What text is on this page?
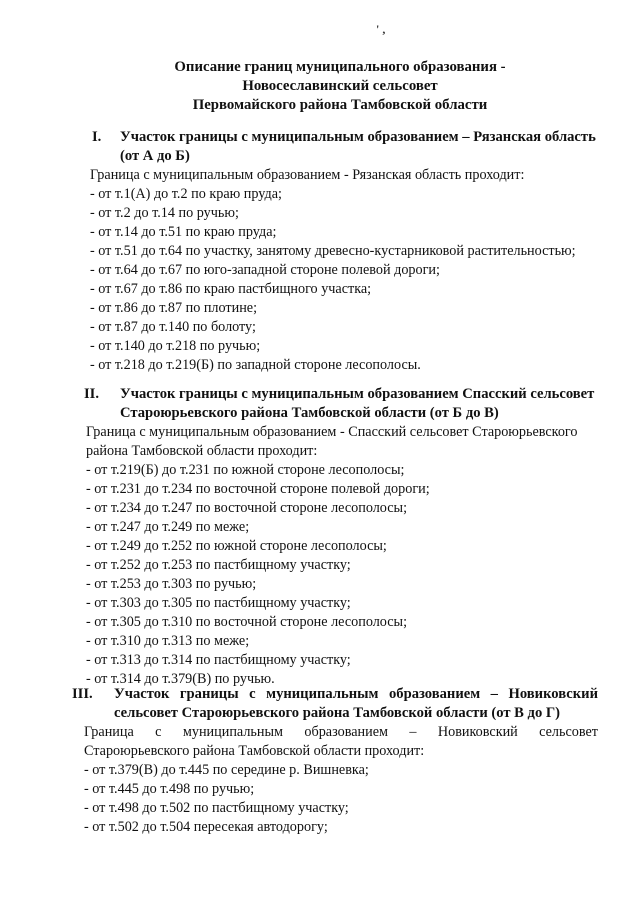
' ,
Описание границ муниципального образования -
Новосеславинский сельсовет
Первомайского района Тамбовской области
I. Участок границы с муниципальным образованием – Рязанская область (от А до Б)
Граница с муниципальным образованием - Рязанская область проходит:
- от т.1(А) до т.2 по краю пруда;
- от т.2 до т.14 по ручью;
- от т.14 до т.51 по краю пруда;
- от т.51 до т.64 по участку, занятому древесно-кустарниковой растительностью;
- от т.64 до т.67 по юго-западной стороне полевой дороги;
- от т.67 до т.86 по краю пастбищного участка;
- от т.86 до т.87 по плотине;
- от т.87 до т.140 по болоту;
- от т.140 до т.218 по ручью;
- от т.218 до т.219(Б) по западной стороне лесополосы.
II. Участок границы с муниципальным образованием Спасский сельсовет Староюрьевского района Тамбовской области (от Б до В)
Граница с муниципальным образованием - Спасский сельсовет Староюрьевского района Тамбовской области проходит:
- от т.219(Б) до т.231 по южной стороне лесополосы;
- от т.231 до т.234 по восточной стороне полевой дороги;
- от т.234 до т.247 по восточной стороне лесополосы;
- от т.247 до т.249 по меже;
- от т.249 до т.252 по южной стороне лесополосы;
- от т.252 до т.253 по пастбищному участку;
- от т.253 до т.303 по ручью;
- от т.303 до т.305 по пастбищному участку;
- от т.305 до т.310 по восточной стороне лесополосы;
- от т.310 до т.313 по меже;
- от т.313 до т.314 по пастбищному участку;
- от т.314 до т.379(В) по ручью.
III. Участок границы с муниципальным образованием – Новиковский сельсовет Староюрьевского района Тамбовской области (от В до Г)
Граница с муниципальным образованием – Новиковский сельсовет Староюрьевского района Тамбовской области проходит:
- от т.379(В) до т.445 по середине р. Вишневка;
- от т.445 до т.498 по ручью;
- от т.498 до т.502 по пастбищному участку;
- от т.502 до т.504 пересекая автодорогу;
